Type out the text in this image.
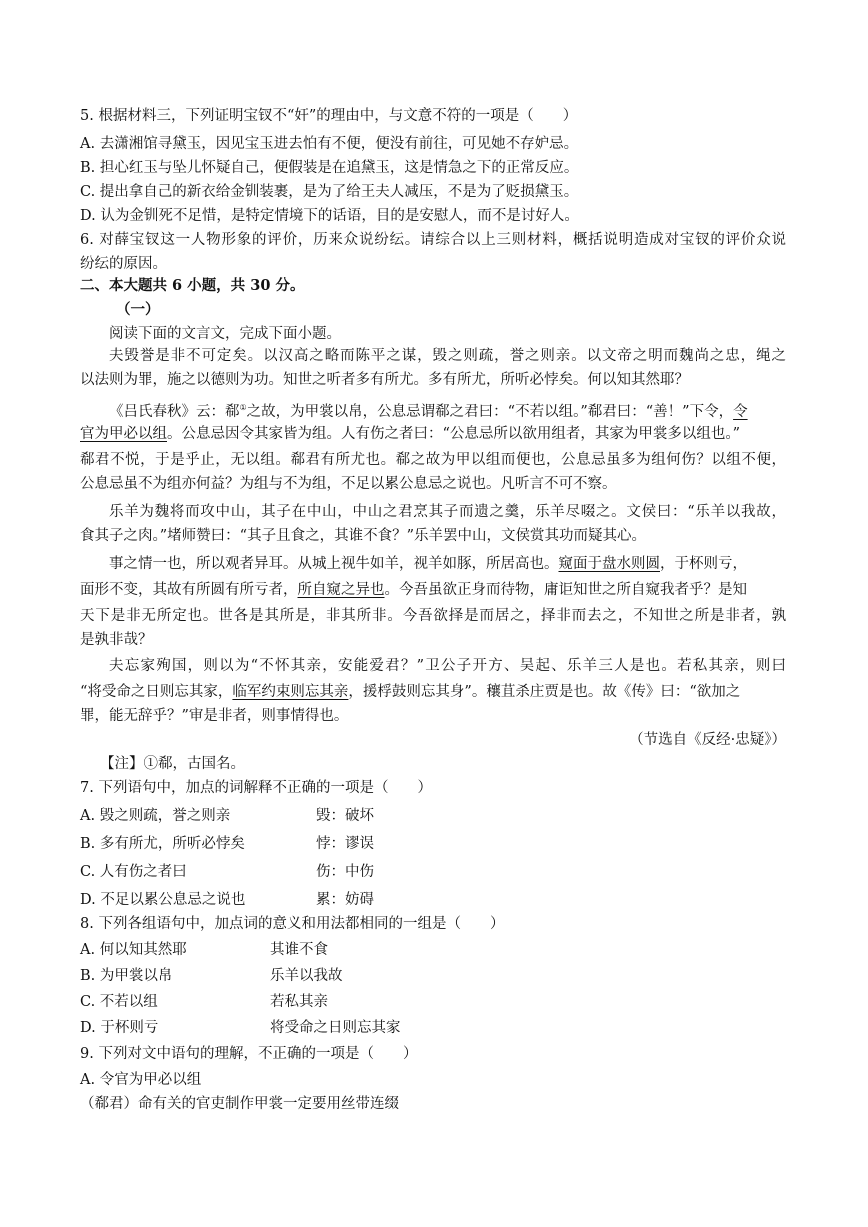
5. 根据材料三，下列证明宝钗不“奸”的理由中，与文意不符的一项是（　　）
A. 去潇湘馆寻黛玉，因见宝玉进去怕有不便，便没有前往，可见她不存妒忌。
B. 担心红玉与坠儿怀疑自己，便假装是在追黛玉，这是情急之下的正常反应。
C. 提出拿自己的新衣给金钏装裹，是为了给王夫人减压，不是为了贬损黛玉。
D. 认为金钏死不足惜，是特定情境下的话语，目的是安慰人，而不是讨好人。
6. 对薛宝钗这一人物形象的评价，历来众说纷纭。请综合以上三则材料，概括说明造成对宝钗的评价众说
纷纭的原因。
二、本大题共 6 小题，共 30 分。
（一）
阅读下面的文言文，完成下面小题。
夫毁誉是非不可定矣。以汉高之略而陈平之谋，毁之则疏，誉之则亲。以文帝之明而魏尚之忠，绳之
以法则为罪，施之以德则为功。知世之听者多有所尤。多有所尤，所听必悖矣。何以知其然耶？
《吕氏春秋》云：郗①之故，为甲裳以帛，公息忌谓郗之君曰：“不若以组。”郗君曰：“善！”下令，令
官为甲必以组。公息忌因令其家皆为组。人有伤之者曰：“公息忌所以欲用组者，其家为甲裳多以组也。”
郗君不悦，于是乎止，无以组。郗君有所尤也。郗之故为甲以组而便也，公息忌虽多为组何伤？以组不便，
公息忌虽不为组亦何益？为组与不为组，不足以累公息忌之说也。凡听言不可不察。
乐羊为魏将而攻中山，其子在中山，中山之君烹其子而遗之羹，乐羊尽啜之。文侯曰：“乐羊以我故，
食其子之肉。”堵师赞曰：“其子且食之，其谁不食？”乐羊罢中山，文侯赏其功而疑其心。
事之情一也，所以观者异耳。从城上视牛如羊，视羊如豚，所居高也。窥面于盘水则圆，于杯则亏，
面形不变，其故有所圆有所亏者，所自窥之异也。今吾虽欲正身而待物，庸讵知世之所自窥我者乎？是知
天下是非无所定也。世各是其所是，非其所非。今吾欲择是而居之，择非而去之，不知世之所是非者，孰
是孰非哉？
夫忘家殉国，则以为“不怀其亲，安能爱君？”卫公子开方、吴起、乐羊三人是也。若私其亲，则曰
“将受命之日则忘其家，临军约束则忘其亲，援桴鼓则忘其身”。穰苴杀庄贾是也。故《传》曰：“欲加之
罪，能无辞乎？”审是非者，则事情得也。
（节选自《反经·忠疑》）
【注】①郗，古国名。
7. 下列语句中，加点的词解释不正确的一项是（　　）
A. 毁之则疏，誉之则亲	毁：破坏
B. 多有所尤，所听必悖矣	悖：谬误
C. 人有伤之者曰	伤：中伤
D. 不足以累公息忌之说也	累：妨碍
8. 下列各组语句中，加点词的意义和用法都相同的一组是（　　）
A. 何以知其然耶	其谁不食
B. 为甲裳以帛	乐羊以我故
C. 不若以组	若私其亲
D. 于杯则亏	将受命之日则忘其家
9. 下列对文中语句的理解，不正确的一项是（　　）
A. 令官为甲必以组
（郗君）命有关的官吏制作甲裳一定要用丝带连缀
